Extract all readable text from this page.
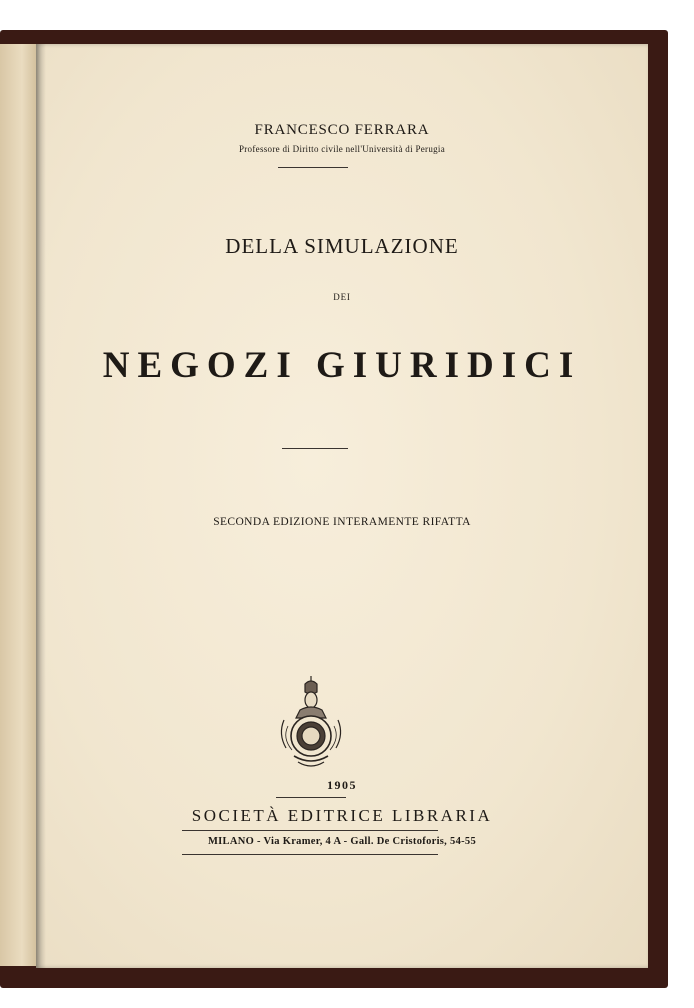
FRANCESCO FERRARA
Professore di Diritto civile nell'Università di Perugia
DELLA SIMULAZIONE
DEI
NEGOZI GIURIDICI
SECONDA EDIZIONE INTERAMENTE RIFATTA
1905
SOCIETÀ EDITRICE LIBRARIA
MILANO - Via Kramer, 4 A - Gall. De Cristoforis, 54-55
